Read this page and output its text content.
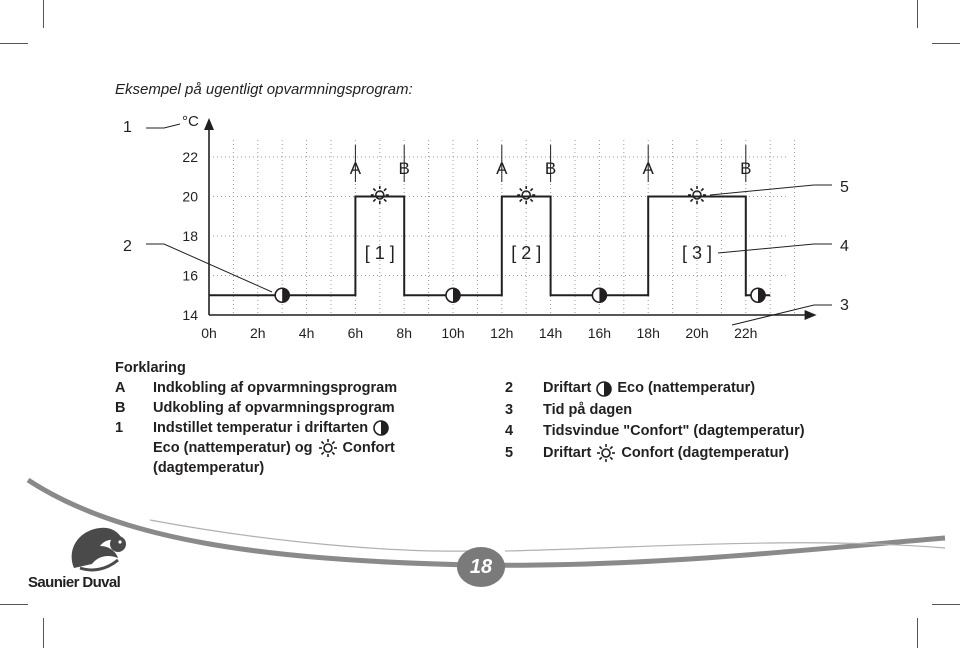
Eksempel på ugentligt opvarmningsprogram:
22
20
18
16
14
0h 2h 4h 6h 8h 10h 12h 14h 16h 18h 20h 22h
°C
A B	A B	A	B
[ 1 ]	[ 2 ]	[ 3 ]
1
2
3
4
5
Forklaring
A	Indkobling af opvarmningsprogram
B	Udkobling af opvarmningsprogram
1	Indstillet temperatur i driftarten
Eco (nattemperatur) og Confort
(dagtemperatur)
2	Driftart Eco (nattemperatur)
3	Tid på dagen
4	Tidsvindue "Confort" (dagtemperatur)
5	Driftart Confort (dagtemperatur)
18
Saunier Duval
